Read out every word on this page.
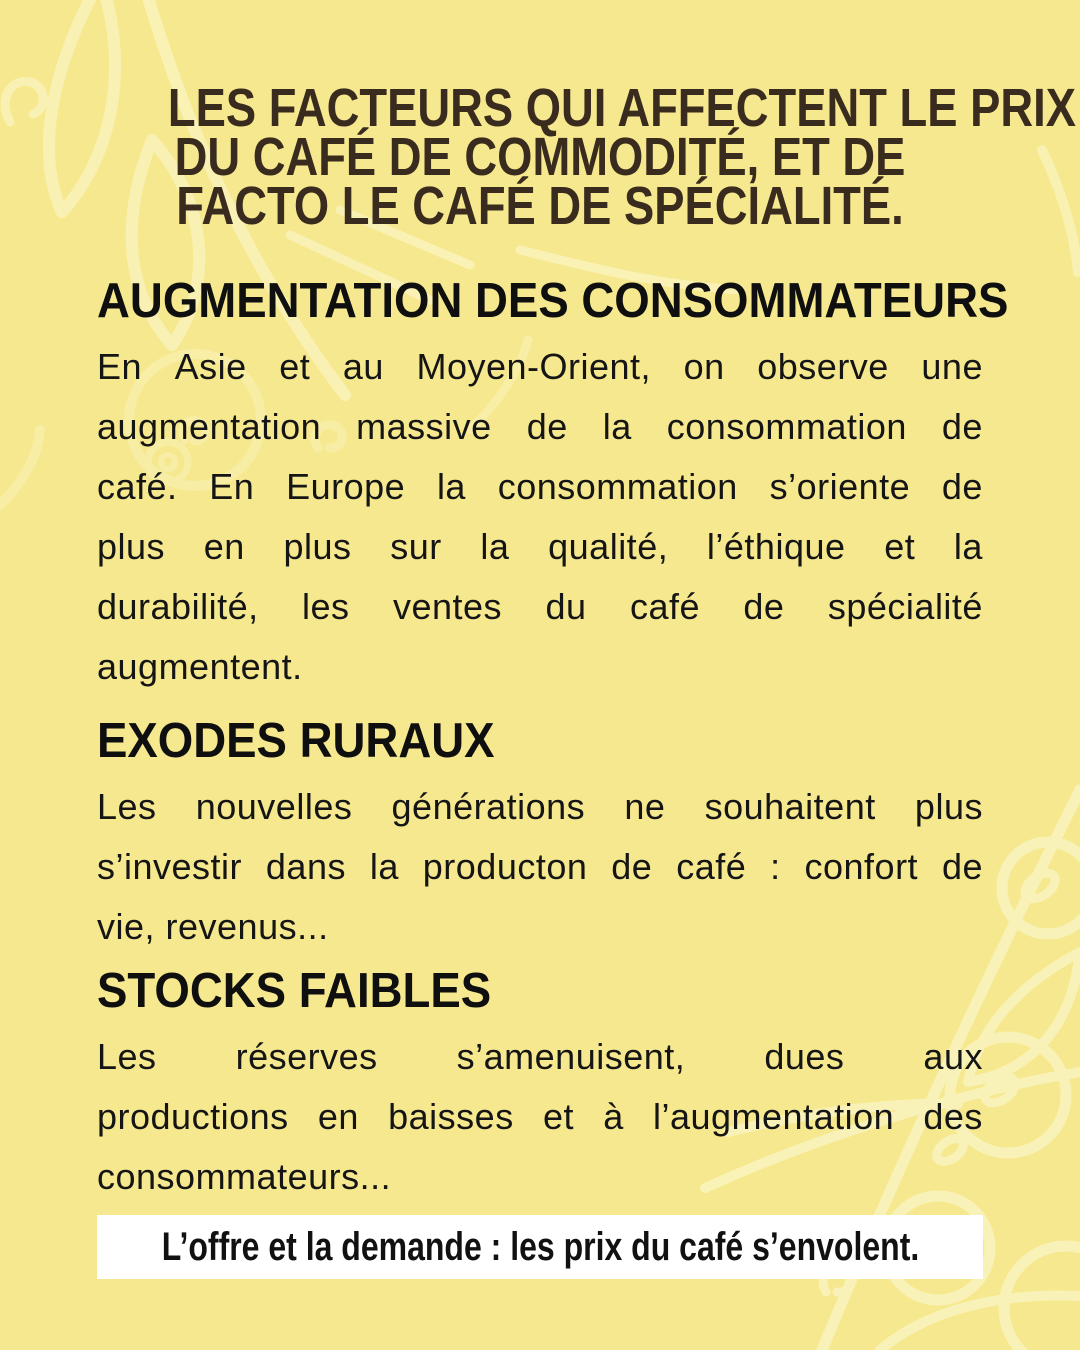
LES FACTEURS QUI AFFECTENT LE PRIX
DU CAFÉ DE COMMODITÉ, ET DE
FACTO LE CAFÉ DE SPÉCIALITÉ.
AUGMENTATION DES CONSOMMATEURS
En Asie et au Moyen-Orient, on observe une
augmentation massive de la consommation de
café. En Europe la consommation s’oriente de
plus en plus sur la qualité, l’éthique et la
durabilité, les ventes du café de spécialité
augmentent.
EXODES RURAUX
Les nouvelles générations ne souhaitent plus
s’investir dans la producton de café : confort de
vie, revenus...
STOCKS FAIBLES
Les réserves s’amenuisent, dues aux
productions en baisses et à l’augmentation des
consommateurs...
L’offre et la demande : les prix du café s’envolent.
